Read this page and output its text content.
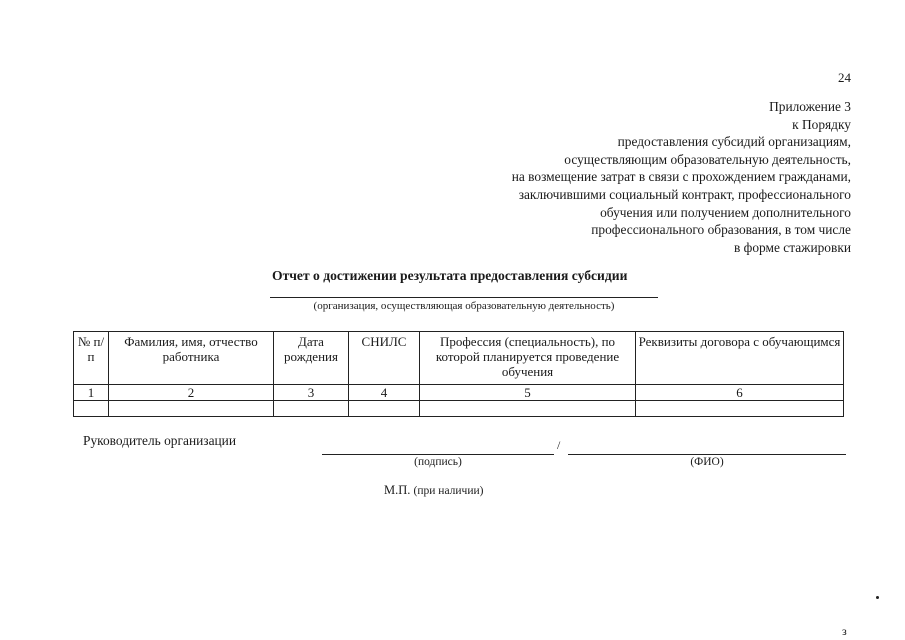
24
Приложение 3
к Порядку
предоставления субсидий организациям,
осуществляющим образовательную деятельность,
на возмещение затрат в связи с прохождением гражданами,
заключившими социальный контракт, профессионального
обучения или получением дополнительного
профессионального образования, в том числе
в форме стажировки
Отчет о достижении результата предоставления субсидии
(организация, осуществляющая образовательную деятельность)
№ п/п	Фамилия, имя, отчество работника	Дата рождения	СНИЛС	Профессия (специальность), по которой планируется проведение обучения	Реквизиты договора с обучающимся

1	2	3	4	5	6

Руководитель организации	/
(подпись)	(ФИО)
М.П. (при наличии)
з
